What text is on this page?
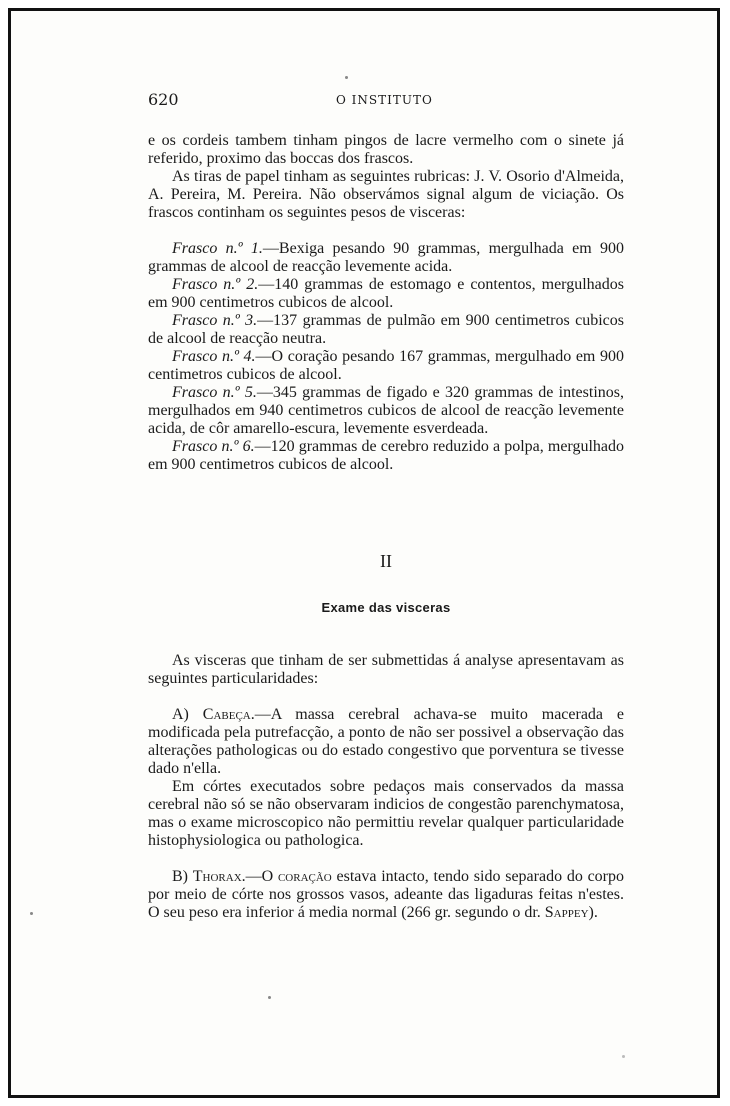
620	O INSTITUTO

e os cordeis tambem tinham pingos de lacre vermelho com o sinete já referido, proximo das boccas dos frascos.

As tiras de papel tinham as seguintes rubricas: J. V. Osorio d'Almeida, A. Pereira, M. Pereira. Não observámos signal algum de viciação. Os frascos continham os seguintes pesos de visceras:

Frasco n.º 1.—Bexiga pesando 90 grammas, mergulhada em 900 grammas de alcool de reacção levemente acida.

Frasco n.º 2.—140 grammas de estomago e contentos, mergulhados em 900 centimetros cubicos de alcool.

Frasco n.º 3.—137 grammas de pulmão em 900 centimetros cubicos de alcool de reacção neutra.

Frasco n.º 4.—O coração pesando 167 grammas, mergulhado em 900 centimetros cubicos de alcool.

Frasco n.º 5.—345 grammas de figado e 320 grammas de intestinos, mergulhados em 940 centimetros cubicos de alcool de reacção levemente acida, de côr amarello-escura, levemente esverdeada.

Frasco n.º 6.—120 grammas de cerebro reduzido a polpa, mergulhado em 900 centimetros cubicos de alcool.

II
Exame das visceras

As visceras que tinham de ser submettidas á analyse apresentavam as seguintes particularidades:

A) Cabeça.—A massa cerebral achava-se muito macerada e modificada pela putrefacção, a ponto de não ser possivel a observação das alterações pathologicas ou do estado congestivo que porventura se tivesse dado n'ella.

Em córtes executados sobre pedaços mais conservados da massa cerebral não só se não observaram indicios de congestão parenchymatosa, mas o exame microscopico não permittiu revelar qualquer particularidade histophysiologica ou pathologica.

B) Thorax.—O coração estava intacto, tendo sido separado do corpo por meio de córte nos grossos vasos, adeante das ligaduras feitas n'estes. O seu peso era inferior á media normal (266 gr. segundo o dr. Sappey).
